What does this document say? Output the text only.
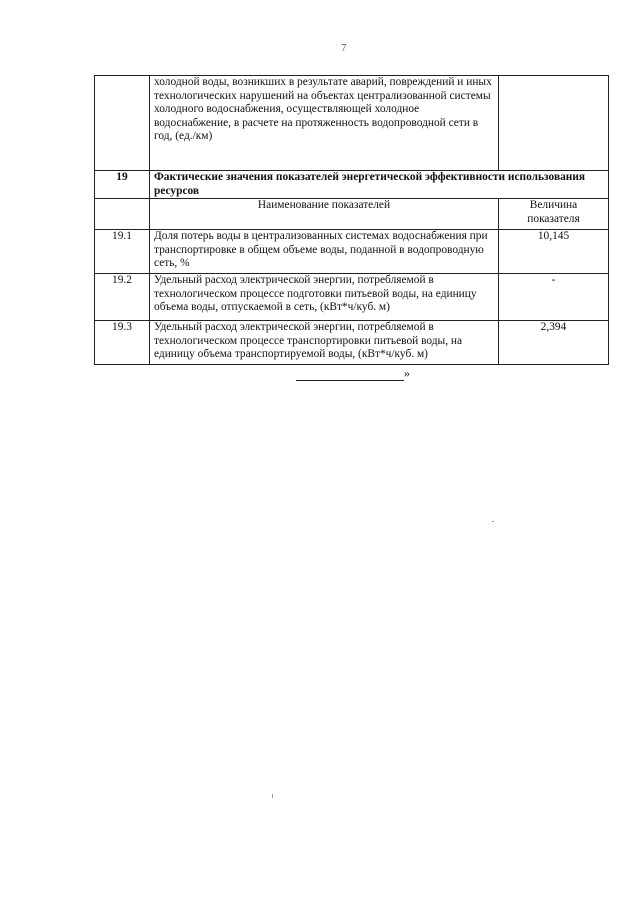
7
	холодной воды, возникших в результате аварий, повреждений и иных технологических нарушений на объектах централизованной системы холодного водоснабжения, осуществляющей холодное водоснабжение, в расчете на протяженность водопроводной сети в год, (ед./км)	
19	Фактические значения показателей энергетической эффективности использования ресурсов	
	Наименование показателей	Величина показателя
19.1	Доля потерь воды в централизованных системах водоснабжения при транспортировке в общем объеме воды, поданной в водопроводную сеть, %	10,145
19.2	Удельный расход электрической энергии, потребляемой в технологическом процессе подготовки питьевой воды, на единицу объема воды, отпускаемой в сеть, (кВт*ч/куб. м)	-
19.3	Удельный расход электрической энергии, потребляемой в технологическом процессе транспортировки питьевой воды, на единицу объема транспортируемой воды, (кВт*ч/куб. м)	2,394
»
